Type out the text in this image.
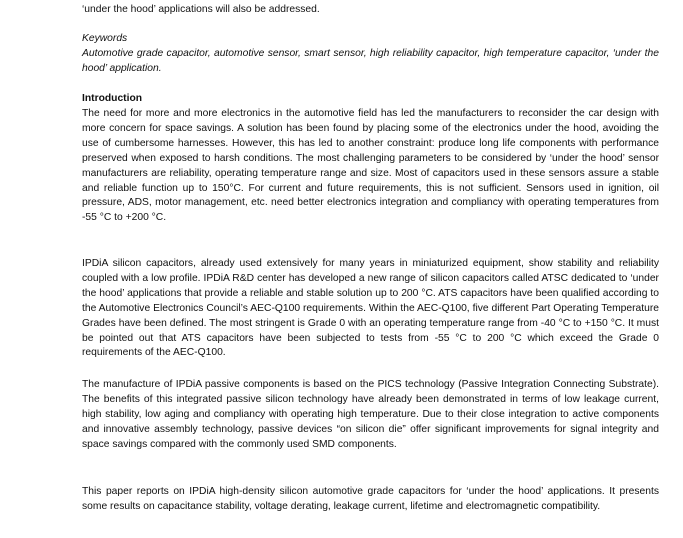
‘under the hood’ applications will also be addressed.

Keywords

Automotive grade capacitor, automotive sensor, smart sensor, high reliability capacitor, high temperature capacitor, ‘under the hood’ application.

Introduction

The need for more and more electronics in the automotive field has led the manufacturers to reconsider the car design with more concern for space savings. A solution has been found by placing some of the electronics under the hood, avoiding the use of cumbersome harnesses. However, this has led to another constraint: produce long life components with performance preserved when exposed to harsh conditions. The most challenging parameters to be considered by ‘under the hood’ sensor manufacturers are reliability, operating temperature range and size. Most of capacitors used in these sensors assure a stable and reliable function up to 150°C. For current and future requirements, this is not sufficient. Sensors used in ignition, oil pressure, ADS, motor management, etc. need better electronics integration and compliancy with operating temperatures from -55 °C to +200 °C.

IPDiA silicon capacitors, already used extensively for many years in miniaturized equipment, show stability and reliability coupled with a low profile. IPDiA R&D center has developed a new range of silicon capacitors called ATSC dedicated to ‘under the hood’ applications that provide a reliable and stable solution up to 200 °C. ATS capacitors have been qualified according to the Automotive Electronics Council’s AEC-Q100 requirements. Within the AEC-Q100, five different Part Operating Temperature Grades have been defined. The most stringent is Grade 0 with an operating temperature range from -40 °C to +150 °C. It must be pointed out that ATS capacitors have been subjected to tests from -55 °C to 200 °C which exceed the Grade 0 requirements of the AEC-Q100.

The manufacture of IPDiA passive components is based on the PICS technology (Passive Integration Connecting Substrate). The benefits of this integrated passive silicon technology have already been demonstrated in terms of low leakage current, high stability, low aging and compliancy with operating high temperature. Due to their close integration to active components and innovative assembly technology, passive devices “on silicon die” offer significant improvements for signal integrity and space savings compared with the commonly used SMD components.

This paper reports on IPDiA high-density silicon automotive grade capacitors for ‘under the hood’ applications. It presents some results on capacitance stability, voltage derating, leakage current, lifetime and electromagnetic compatibility.
